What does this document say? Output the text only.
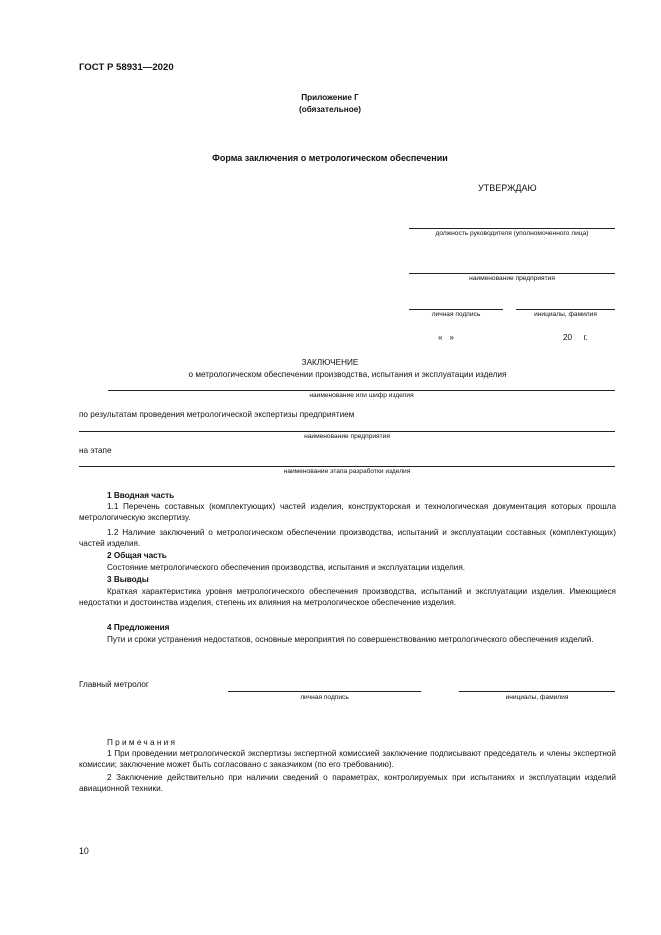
ГОСТ Р 58931—2020
Приложение Г
(обязательное)
Форма заключения о метрологическом обеспечении
УТВЕРЖДАЮ
должность руководителя (уполномоченного лица)
наименование предприятия
личная подпись	инициалы, фамилия
«   »	20     г.
ЗАКЛЮЧЕНИЕ
о метрологическом обеспечении производства, испытания и эксплуатации изделия
наименование или шифр изделия
по результатам проведения метрологической экспертизы предприятием
наименование предприятия
на этапе
наименование этапа разработки изделия
1 Вводная часть
1.1 Перечень составных (комплектующих) частей изделия, конструкторская и технологическая документация которых прошла метрологическую экспертизу.
1.2 Наличие заключений о метрологическом обеспечении производства, испытаний и эксплуатации составных (комплектующих) частей изделия.
2 Общая часть
Состояние метрологического обеспечения производства, испытания и эксплуатации изделия.
3 Выводы
Краткая характеристика уровня метрологического обеспечения производства, испытаний и эксплуатации изделия. Имеющиеся недостатки и достоинства изделия, степень их влияния на метрологическое обеспечение изделия.
4 Предложения
Пути и сроки устранения недостатков, основные мероприятия по совершенствованию метрологического обеспечения изделий.
Главный метролог
личная подпись	инициалы, фамилия
Примечания
1 При проведении метрологической экспертизы экспертной комиссией заключение подписывают председатель и члены экспертной комиссии; заключение может быть согласовано с заказчиком (по его требованию).
2 Заключение действительно при наличии сведений о параметрах, контролируемых при испытаниях и эксплуатации изделий авиационной техники.
10
